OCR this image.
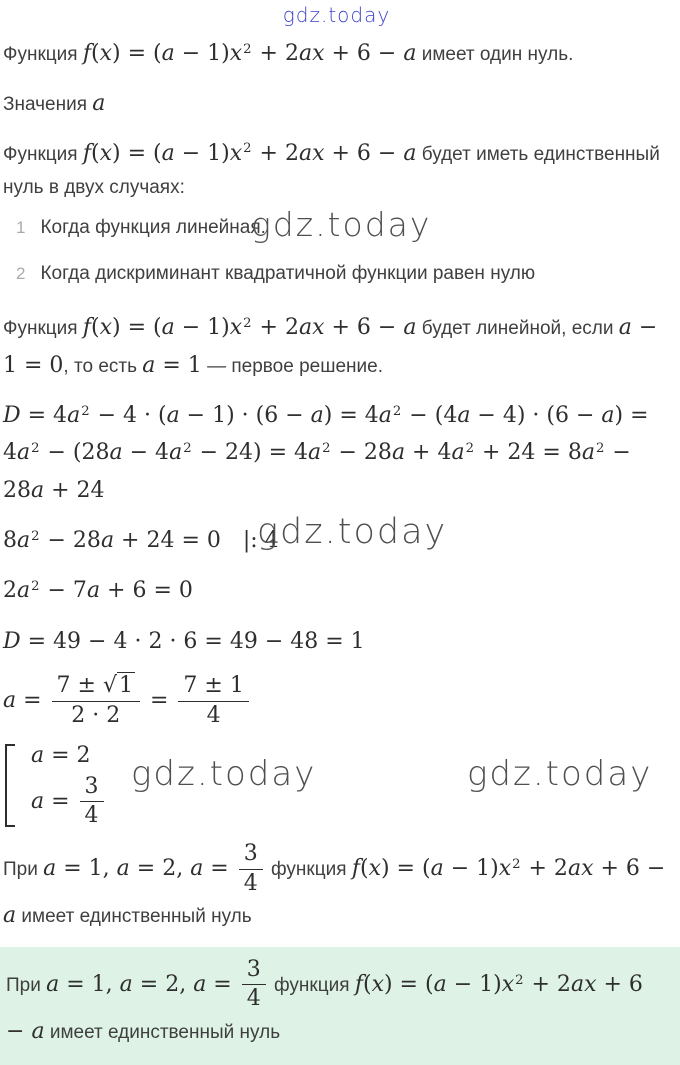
gdz.today

Функция $f(x) = (a - 1)x^2 + 2ax + 6 - a$ имеет один нуль.

Значения a

Функция $f(x) = (a - 1)x^2 + 2ax + 6 - a$ будет иметь единственный нуль в двух случаях:

1 Когда функция линейная.
gdz.today
2 Когда дискриминант квадратичной функции равен нулю

Функция $f(x) = (a - 1)x^2 + 2ax + 6 - a$ будет линейной, если a − 1 = 0, то есть a = 1 — первое решение.

$D = 4a^2 - 4 \cdot (a - 1) \cdot (6 - a) = 4a^2 - (4a - 4) \cdot (6 - a) = 4a^2 - (28a - 4a^2 - 24) = 4a^2 - 28a + 4a^2 + 24 = 8a^2 - 28a + 24$

$8a^2 - 28a + 24 = 0$  |: 4

gdz.today

$2a^2 - 7a + 6 = 0$

D = 49 − 4 · 2 · 6 = 49 − 48 = 1

$a = \frac{7 \pm √1}{2 \cdot 2} = \frac{7 \pm 1}{4}$

a = 2
$a = \frac{3}{4}$ gdz.today	gdz.today

При a = 1, a = 2, $a = \frac{3}{4}$ функция $f(x) = (a - 1)x^2 + 2ax + 6 - a$ имеет единственный нуль

При a = 1, a = 2, $a = \frac{3}{4}$ функция $f(x) = (a - 1)x^2 + 2ax + 6 - a$ имеет единственный нуль
